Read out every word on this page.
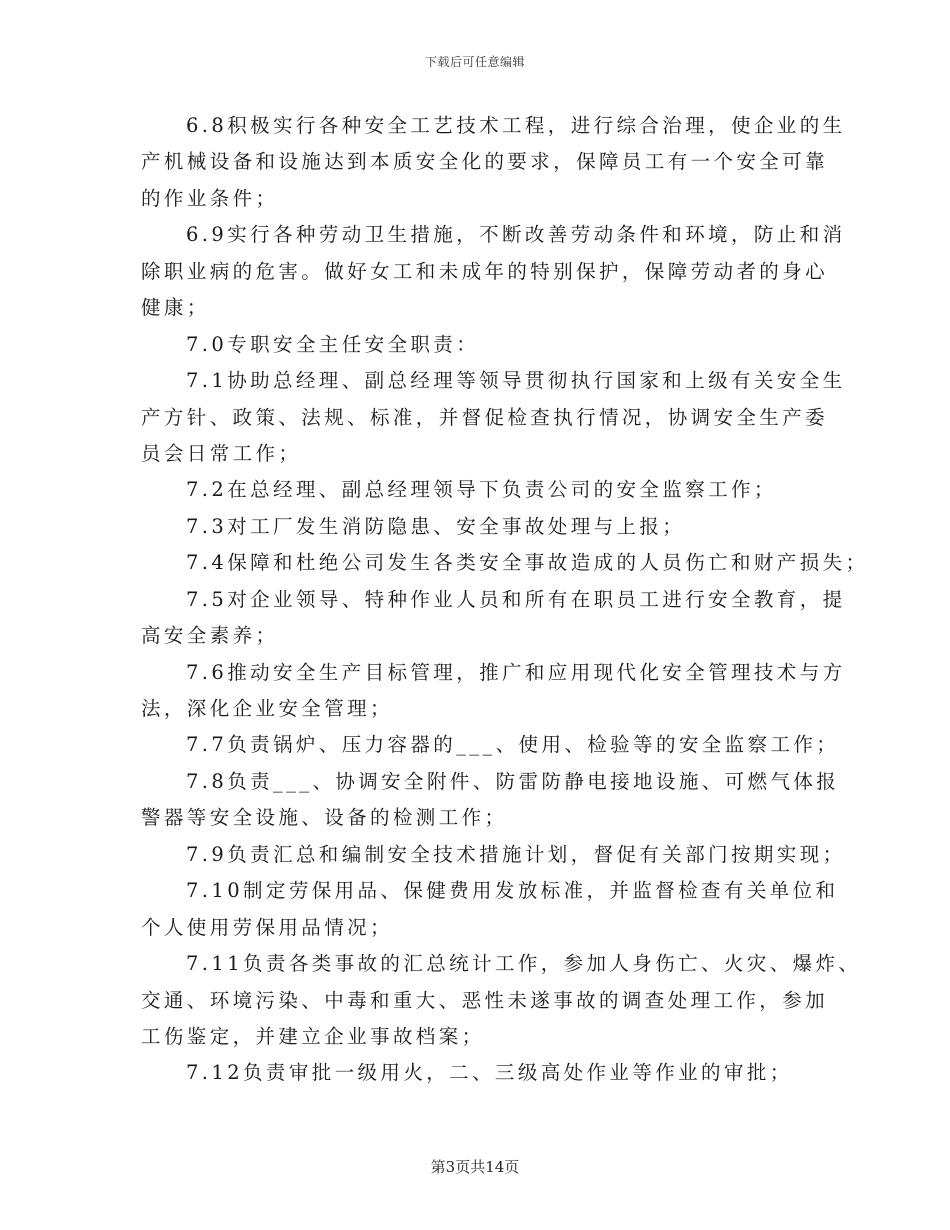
下载后可任意编辑
6.8积极实行各种安全工艺技术工程，进行综合治理，使企业的生
产机械设备和设施达到本质安全化的要求，保障员工有一个安全可靠
的作业条件；
6.9实行各种劳动卫生措施，不断改善劳动条件和环境，防止和消
除职业病的危害。做好女工和未成年的特别保护，保障劳动者的身心
健康；
7.0专职安全主任安全职责：
7.1协助总经理、副总经理等领导贯彻执行国家和上级有关安全生
产方针、政策、法规、标准，并督促检查执行情况，协调安全生产委
员会日常工作；
7.2在总经理、副总经理领导下负责公司的安全监察工作；
7.3对工厂发生消防隐患、安全事故处理与上报；
7.4保障和杜绝公司发生各类安全事故造成的人员伤亡和财产损失；
7.5对企业领导、特种作业人员和所有在职员工进行安全教育，提
高安全素养；
7.6推动安全生产目标管理，推广和应用现代化安全管理技术与方
法，深化企业安全管理；
7.7负责锅炉、压力容器的___、使用、检验等的安全监察工作；
7.8负责___、协调安全附件、防雷防静电接地设施、可燃气体报
警器等安全设施、设备的检测工作；
7.9负责汇总和编制安全技术措施计划，督促有关部门按期实现；
7.10制定劳保用品、保健费用发放标准，并监督检查有关单位和
个人使用劳保用品情况；
7.11负责各类事故的汇总统计工作，参加人身伤亡、火灾、爆炸、
交通、环境污染、中毒和重大、恶性未遂事故的调查处理工作，参加
工伤鉴定，并建立企业事故档案；
7.12负责审批一级用火，二、三级高处作业等作业的审批；
第3页共14页
